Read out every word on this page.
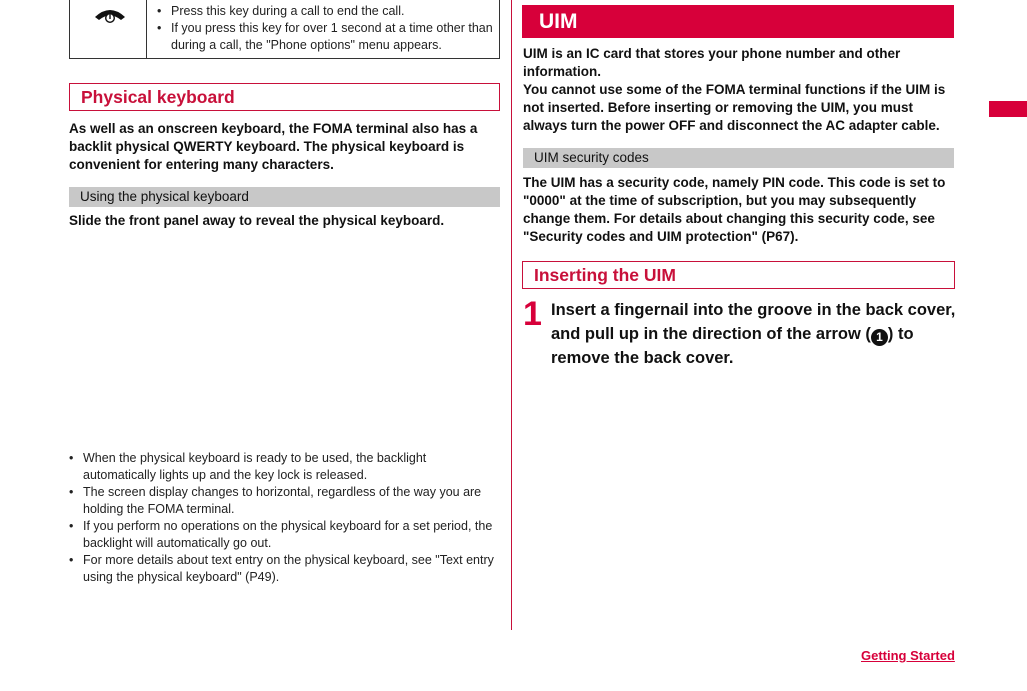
• Press this key during a call to end the call.
• If you press this key for over 1 second at a time other than during a call, the "Phone options" menu appears.
Physical keyboard
As well as an onscreen keyboard, the FOMA terminal also has a backlit physical QWERTY keyboard. The physical keyboard is convenient for entering many characters.
Using the physical keyboard
Slide the front panel away to reveal the physical keyboard.
• When the physical keyboard is ready to be used, the backlight automatically lights up and the key lock is released.
• The screen display changes to horizontal, regardless of the way you are holding the FOMA terminal.
• If you perform no operations on the physical keyboard for a set period, the backlight will automatically go out.
• For more details about text entry on the physical keyboard, see "Text entry using the physical keyboard" (P49).
UIM
UIM is an IC card that stores your phone number and other information.
You cannot use some of the FOMA terminal functions if the UIM is not inserted. Before inserting or removing the UIM, you must always turn the power OFF and disconnect the AC adapter cable.
UIM security codes
The UIM has a security code, namely PIN code. This code is set to "0000" at the time of subscription, but you may subsequently change them. For details about changing this security code, see "Security codes and UIM protection" (P67).
Inserting the UIM
1 Insert a fingernail into the groove in the back cover, and pull up in the direction of the arrow ( 1 ) to remove the back cover.
Getting Started
